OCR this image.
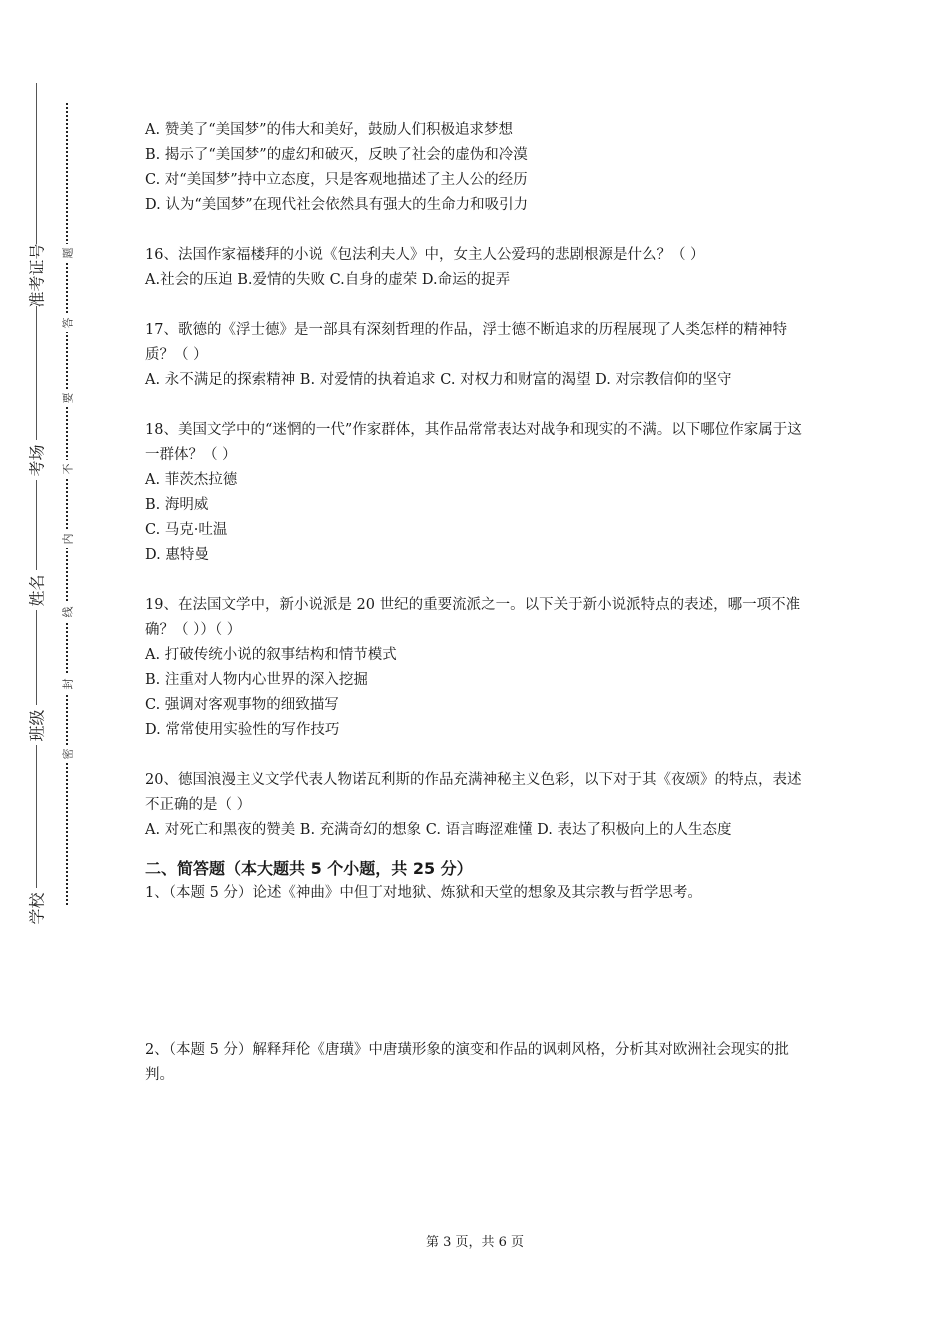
准考证号
考场
姓名
班级
学校
题
答
要
不
内
线
封
密
A. 赞美了“美国梦”的伟大和美好，鼓励人们积极追求梦想
B. 揭示了“美国梦”的虚幻和破灭，反映了社会的虚伪和冷漠
C. 对“美国梦”持中立态度，只是客观地描述了主人公的经历
D. 认为“美国梦”在现代社会依然具有强大的生命力和吸引力
16、法国作家福楼拜的小说《包法利夫人》中，女主人公爱玛的悲剧根源是什么？（ ）
A.社会的压迫 B.爱情的失败 C.自身的虚荣 D.命运的捉弄
17、歌德的《浮士德》是一部具有深刻哲理的作品，浮士德不断追求的历程展现了人类怎样的精神特质？（ ）
A. 永不满足的探索精神 B. 对爱情的执着追求 C. 对权力和财富的渴望 D. 对宗教信仰的坚守
18、美国文学中的“迷惘的一代”作家群体，其作品常常表达对战争和现实的不满。以下哪位作家属于这一群体？（ ）
A. 菲茨杰拉德
B. 海明威
C. 马克·吐温
D. 惠特曼
19、在法国文学中，新小说派是 20 世纪的重要流派之一。以下关于新小说派特点的表述，哪一项不准确？（ ））（ ）
A. 打破传统小说的叙事结构和情节模式
B. 注重对人物内心世界的深入挖掘
C. 强调对客观事物的细致描写
D. 常常使用实验性的写作技巧
20、德国浪漫主义文学代表人物诺瓦利斯的作品充满神秘主义色彩，以下对于其《夜颂》的特点，表述不正确的是（ ）
A. 对死亡和黑夜的赞美 B. 充满奇幻的想象 C. 语言晦涩难懂 D. 表达了积极向上的人生态度
二、简答题（本大题共 5 个小题，共 25 分）
1、（本题 5 分）论述《神曲》中但丁对地狱、炼狱和天堂的想象及其宗教与哲学思考。
2、（本题 5 分）解释拜伦《唐璜》中唐璜形象的演变和作品的讽刺风格，分析其对欧洲社会现实的批判。
第 3 页，共 6 页
